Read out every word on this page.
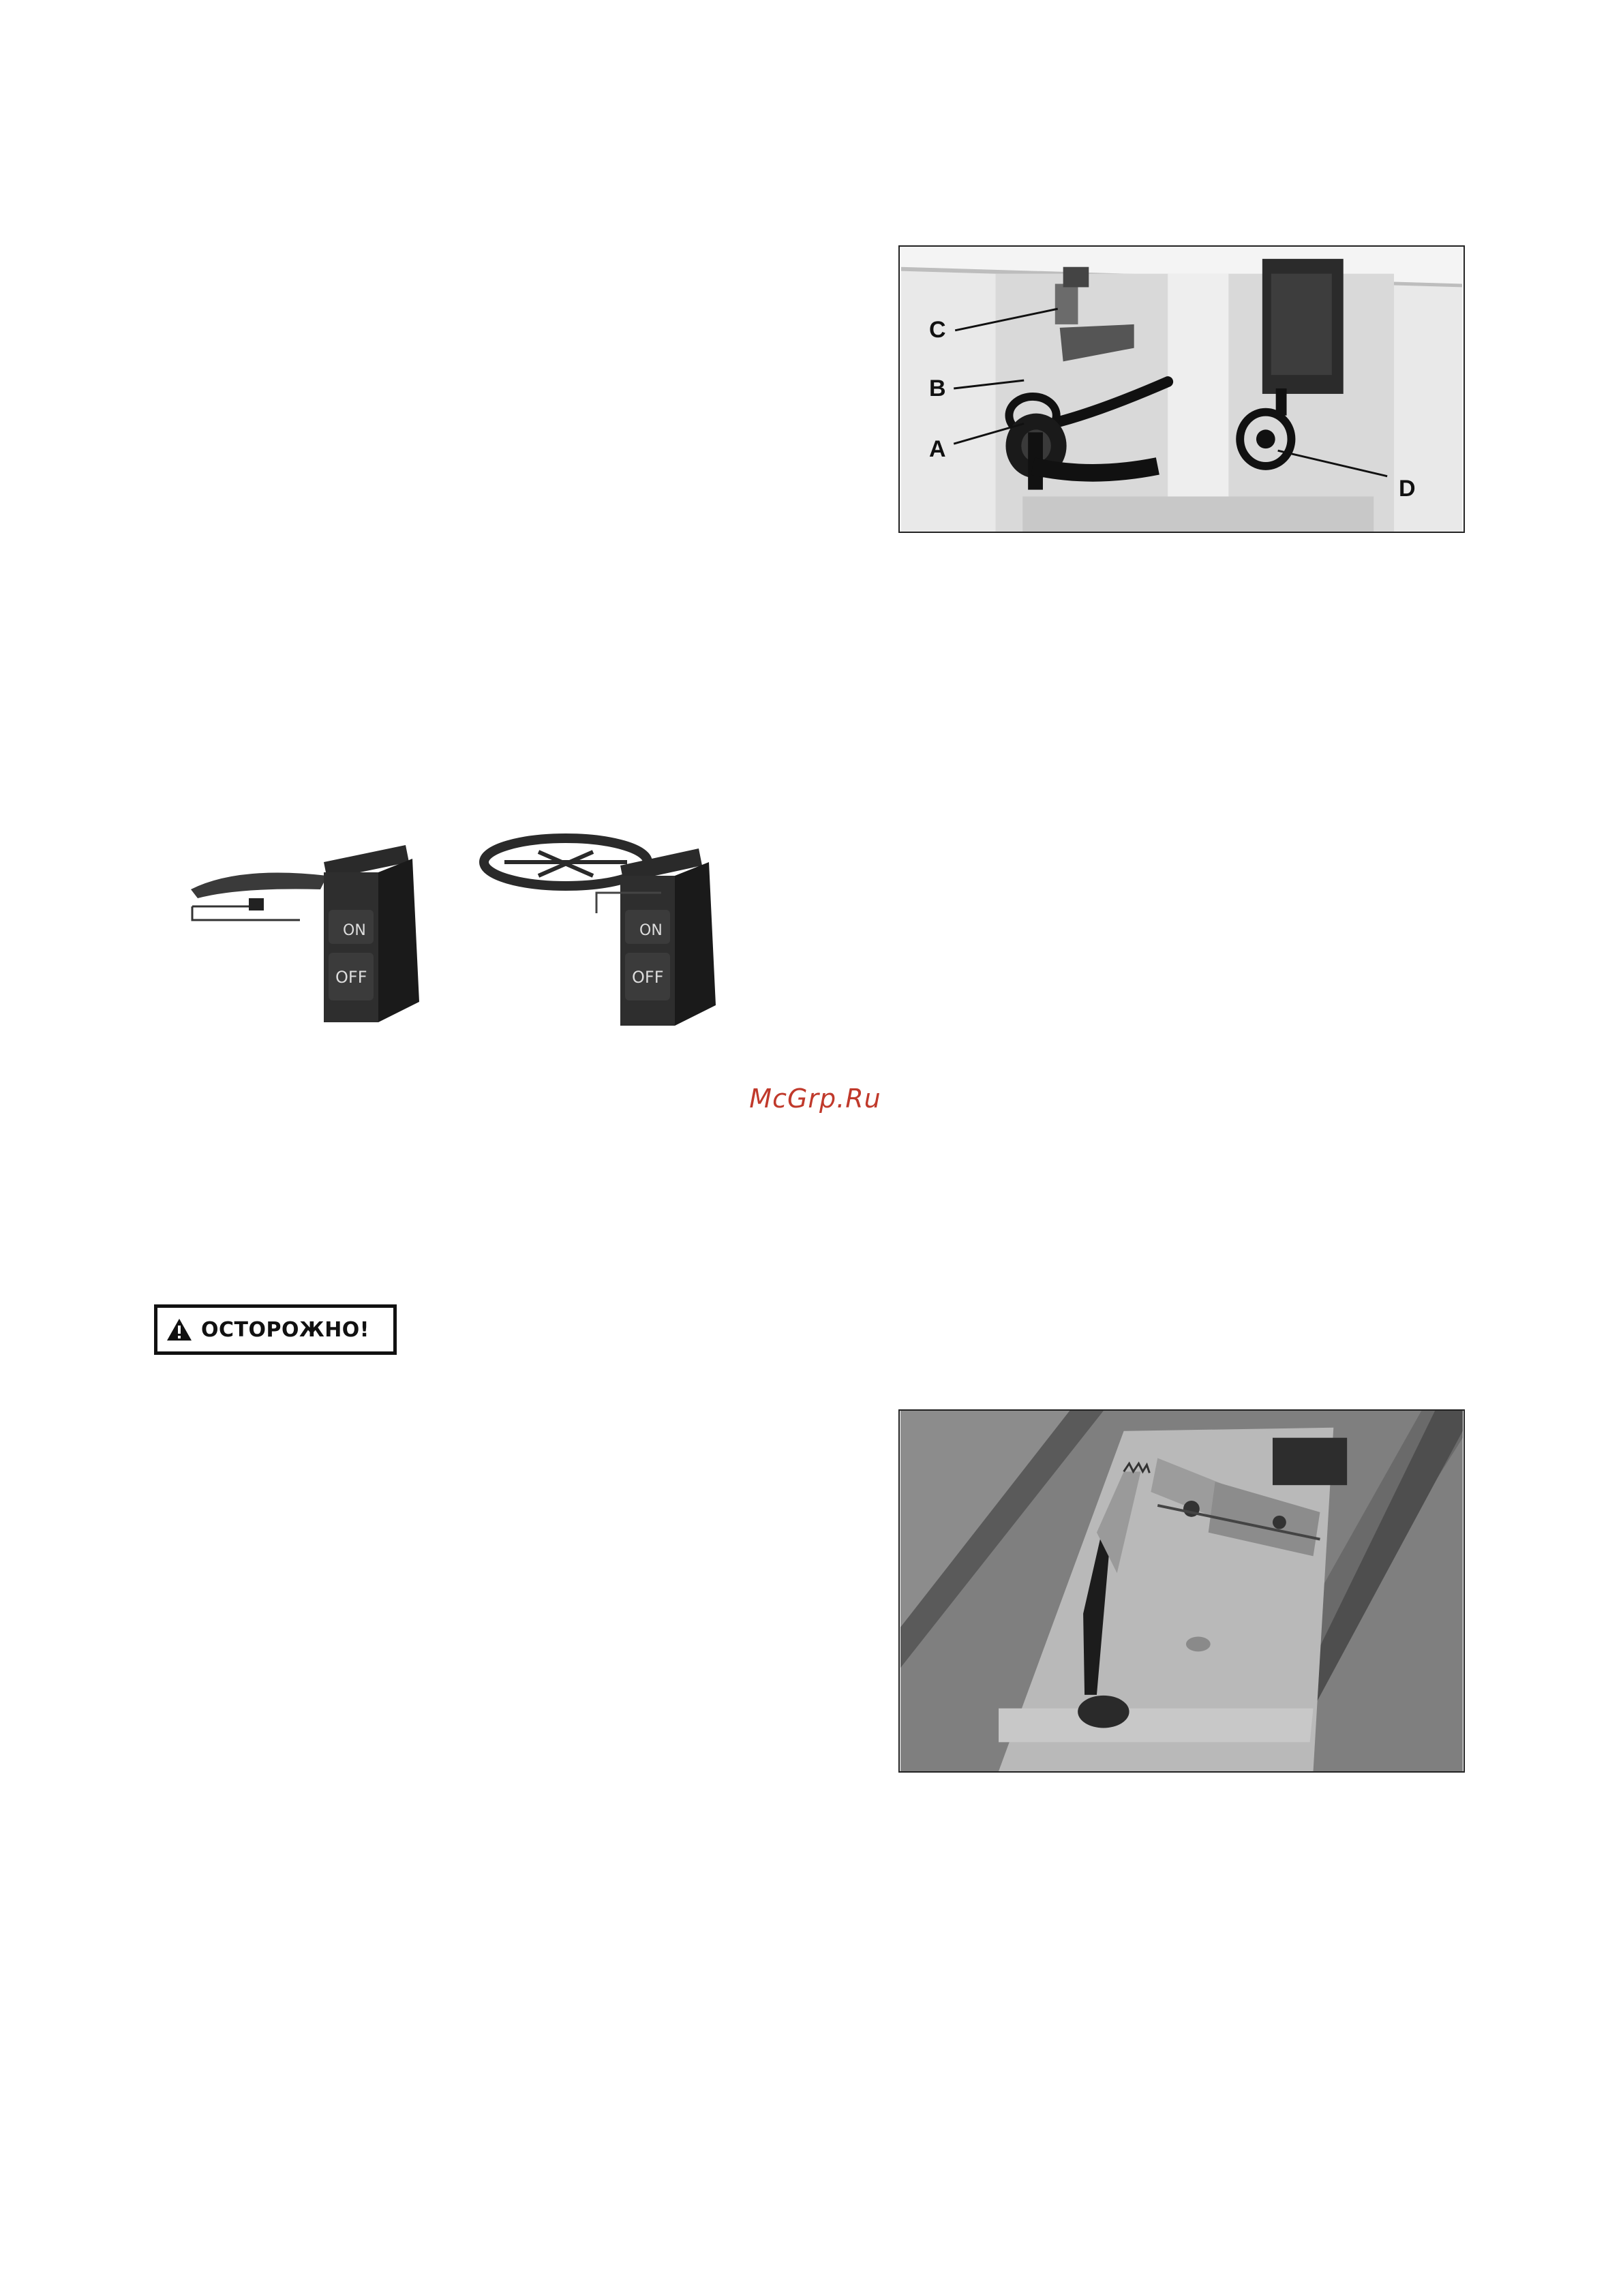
C
B
A
D
ON
OFF
ON
OFF
McGrp.Ru
ОСТОРОЖНО!
